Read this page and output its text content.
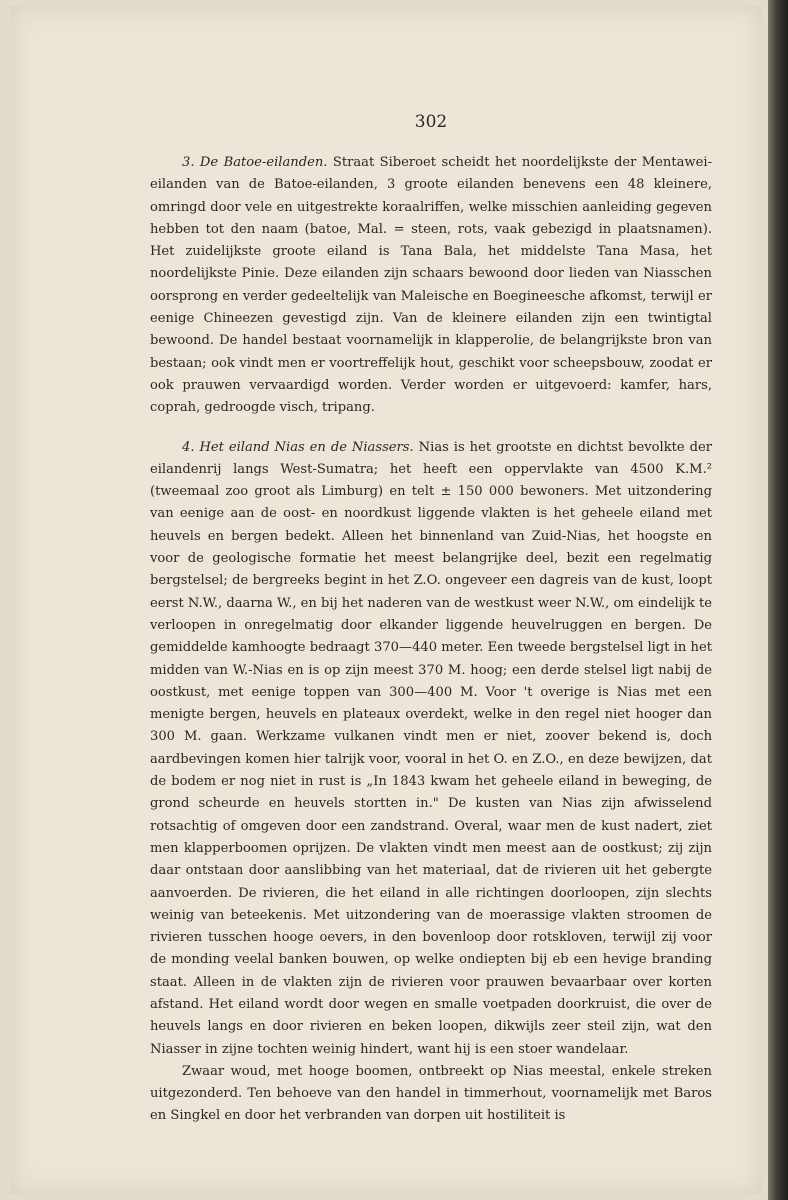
302

3. De Batoe-eilanden. Straat Siberoet scheidt het noordelijkste der Mentawei-eilanden van de Batoe-eilanden, 3 groote eilanden benevens een 48 kleinere, omringd door vele en uitgestrekte koraalriffen, welke misschien aanleiding gegeven hebben tot den naam (batoe, Mal. = steen, rots, vaak gebezigd in plaatsnamen). Het zuidelijkste groote eiland is Tana Bala, het middelste Tana Masa, het noordelijkste Pinie. Deze eilanden zijn schaars bewoond door lieden van Niasschen oorsprong en verder gedeeltelijk van Maleische en Boegineesche afkomst, terwijl er eenige Chineezen gevestigd zijn. Van de kleinere eilanden zijn een twintigtal bewoond. De handel bestaat voornamelijk in klapperolie, de belangrijkste bron van bestaan; ook vindt men er voortreffelijk hout, geschikt voor scheepsbouw, zoodat er ook prauwen vervaardigd worden. Verder worden er uitgevoerd: kamfer, hars, coprah, gedroogde visch, tripang.

4. Het eiland Nias en de Niassers. Nias is het grootste en dichtst bevolkte der eilandenrij langs West-Sumatra; het heeft een oppervlakte van 4500 K.M.² (tweemaal zoo groot als Limburg) en telt ± 150 000 bewoners. Met uitzondering van eenige aan de oost- en noordkust liggende vlakten is het geheele eiland met heuvels en bergen bedekt. Alleen het binnenland van Zuid-Nias, het hoogste en voor de geologische formatie het meest belangrijke deel, bezit een regelmatig bergstelsel; de bergreeks begint in het Z.O. ongeveer een dagreis van de kust, loopt eerst N.W., daarna W., en bij het naderen van de westkust weer N.W., om eindelijk te verloopen in onregelmatig door elkander liggende heuvelruggen en bergen. De gemiddelde kamhoogte bedraagt 370—440 meter. Een tweede bergstelsel ligt in het midden van W.-Nias en is op zijn meest 370 M. hoog; een derde stelsel ligt nabij de oostkust, met eenige toppen van 300—400 M. Voor 't overige is Nias met een menigte bergen, heuvels en plateaux overdekt, welke in den regel niet hooger dan 300 M. gaan. Werkzame vulkanen vindt men er niet, zoover bekend is, doch aardbevingen komen hier talrijk voor, vooral in het O. en Z.O., en deze bewijzen, dat de bodem er nog niet in rust is „In 1843 kwam het geheele eiland in beweging, de grond scheurde en heuvels stortten in." De kusten van Nias zijn afwisselend rotsachtig of omgeven door een zandstrand. Overal, waar men de kust nadert, ziet men klapperboomen oprijzen. De vlakten vindt men meest aan de oostkust; zij zijn daar ontstaan door aanslibbing van het materiaal, dat de rivieren uit het gebergte aanvoerden. De rivieren, die het eiland in alle richtingen doorloopen, zijn slechts weinig van beteekenis. Met uitzondering van de moerassige vlakten stroomen de rivieren tusschen hooge oevers, in den bovenloop door rotskloven, terwijl zij voor de monding veelal banken bouwen, op welke ondiepten bij eb een hevige branding staat. Alleen in de vlakten zijn de rivieren voor prauwen bevaarbaar over korten afstand. Het eiland wordt door wegen en smalle voetpaden doorkruist, die over de heuvels langs en door rivieren en beken loopen, dikwijls zeer steil zijn, wat den Niasser in zijne tochten weinig hindert, want hij is een stoer wandelaar.

Zwaar woud, met hooge boomen, ontbreekt op Nias meestal, enkele streken uitgezonderd. Ten behoeve van den handel in timmerhout, voornamelijk met Baros en Singkel en door het verbranden van dorpen uit hostiliteit is
